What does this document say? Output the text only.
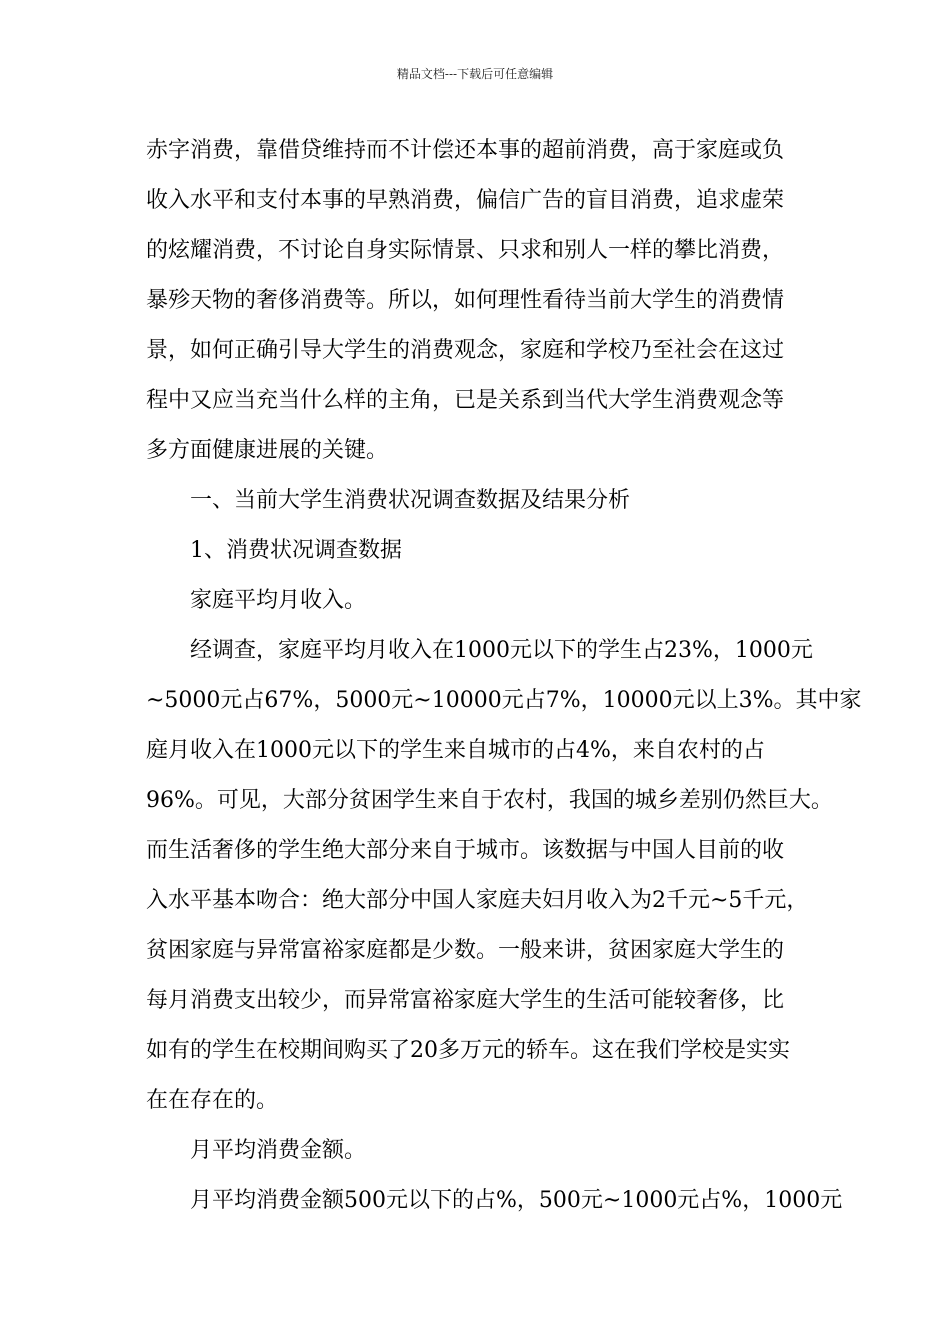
精品文档---下载后可任意编辑

赤字消费，靠借贷维持而不计偿还本事的超前消费，高于家庭或负

收入水平和支付本事的早熟消费，偏信广告的盲目消费，追求虚荣

的炫耀消费，不讨论自身实际情景、只求和别人一样的攀比消费，

暴殄天物的奢侈消费等。所以，如何理性看待当前大学生的消费情

景，如何正确引导大学生的消费观念，家庭和学校乃至社会在这过

程中又应当充当什么样的主角，已是关系到当代大学生消费观念等

多方面健康进展的关键。

一、当前大学生消费状况调查数据及结果分析

1、消费状况调查数据

家庭平均月收入。

经调查，家庭平均月收入在1000元以下的学生占23%，1000元

~5000元占67%，5000元~10000元占7%，10000元以上3%。其中家

庭月收入在1000元以下的学生来自城市的占4%，来自农村的占

96%。可见，大部分贫困学生来自于农村，我国的城乡差别仍然巨大。

而生活奢侈的学生绝大部分来自于城市。该数据与中国人目前的收

入水平基本吻合：绝大部分中国人家庭夫妇月收入为2千元~5千元，

贫困家庭与异常富裕家庭都是少数。一般来讲，贫困家庭大学生的

每月消费支出较少，而异常富裕家庭大学生的生活可能较奢侈，比

如有的学生在校期间购买了20多万元的轿车。这在我们学校是实实

在在存在的。

月平均消费金额。

月平均消费金额500元以下的占%，500元~1000元占%，1000元
